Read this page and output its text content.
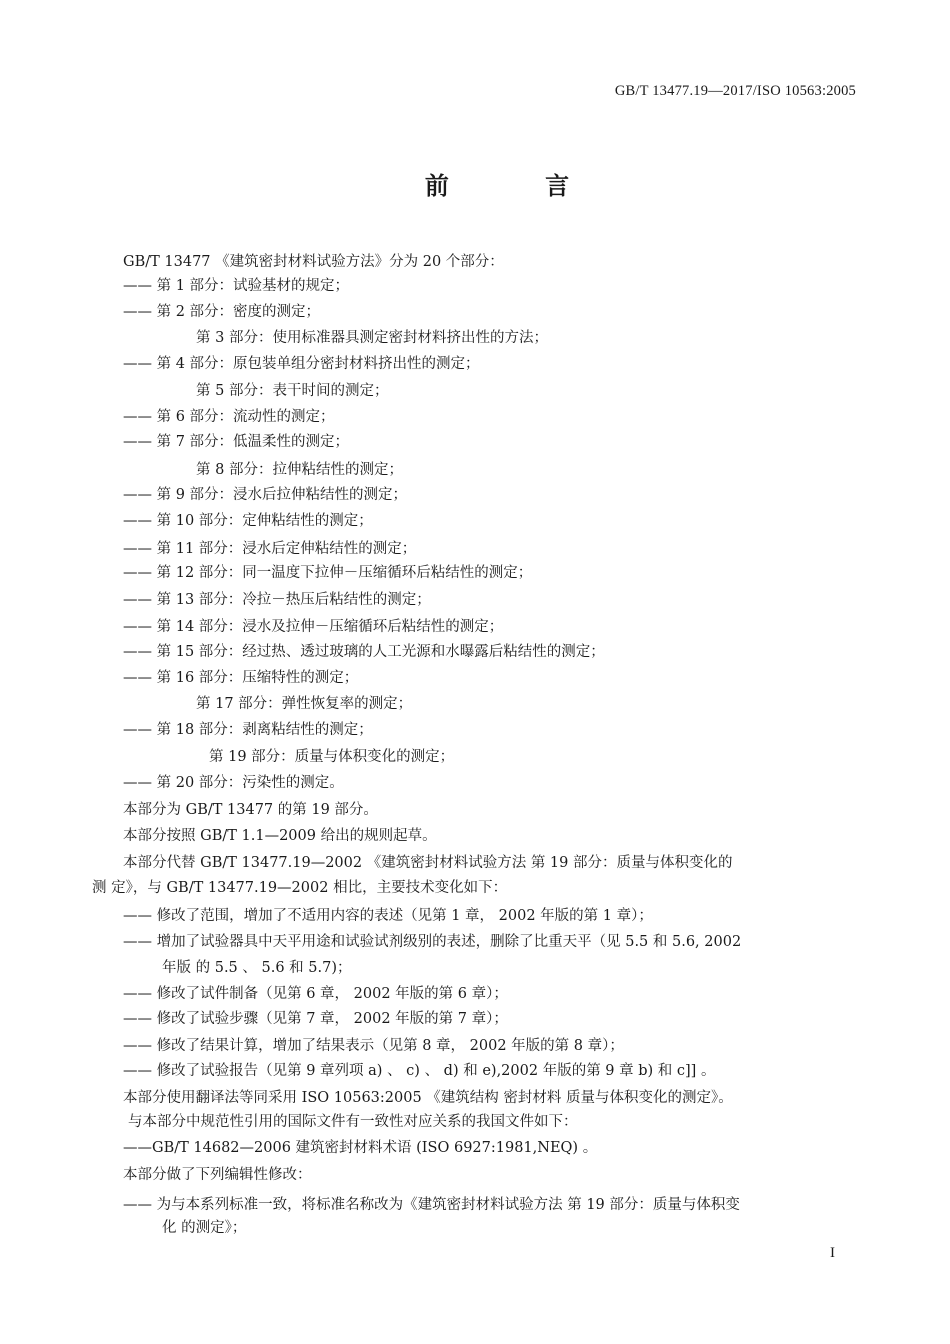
GB/T 13477.19—2017/ISO 10563:2005
前 言
GB/T 13477 《建筑密封材料试验方法》分为 20 个部分：
—— 第 1 部分：试验基材的规定；
—— 第 2 部分：密度的测定；
第 3 部分：使用标准器具测定密封材料挤出性的方法；
—— 第 4 部分：原包装单组分密封材料挤出性的测定；
第 5 部分：表干时间的测定；
—— 第 6 部分：流动性的测定；
—— 第 7 部分：低温柔性的测定；
第 8 部分：拉伸粘结性的测定；
—— 第 9 部分：浸水后拉伸粘结性的测定；
—— 第 10 部分：定伸粘结性的测定；
—— 第 11 部分：浸水后定伸粘结性的测定；
—— 第 12 部分：同一温度下拉伸－压缩循环后粘结性的测定；
—— 第 13 部分：冷拉－热压后粘结性的测定；
—— 第 14 部分：浸水及拉伸－压缩循环后粘结性的测定；
—— 第 15 部分：经过热、透过玻璃的人工光源和水曝露后粘结性的测定；
—— 第 16 部分：压缩特性的测定；
第 17 部分：弹性恢复率的测定；
—— 第 18 部分：剥离粘结性的测定；
第 19 部分：质量与体积变化的测定；
—— 第 20 部分：污染性的测定。
本部分为 GB/T 13477 的第 19 部分。
本部分按照 GB/T 1.1—2009 给出的规则起草。
本部分代替 GB/T 13477.19—2002 《建筑密封材料试验方法 第 19 部分：质量与体积变化的
测 定》，与 GB/T 13477.19—2002 相比，主要技术变化如下：
—— 修改了范围，增加了不适用内容的表述（见第 1 章， 2002 年版的第 1 章）；
—— 增加了试验器具中天平用途和试验试剂级别的表述，删除了比重天平（见 5.5 和 5.6, 2002
年版 的 5.5 、 5.6 和 5.7)；
—— 修改了试件制备（见第 6 章， 2002 年版的第 6 章）；
—— 修改了试验步骤（见第 7 章， 2002 年版的第 7 章）；
—— 修改了结果计算，增加了结果表示（见第 8 章， 2002 年版的第 8 章）；
—— 修改了试验报告（见第 9 章列项 a) 、 c) 、 d) 和 e),2002 年版的第 9 章 b) 和 c]] 。
本部分使用翻译法等同采用 ISO 10563:2005 《建筑结构 密封材料 质量与体积变化的测定》。
与本部分中规范性引用的国际文件有一致性对应关系的我国文件如下：
——GB/T 14682—2006 建筑密封材料术语 (ISO 6927:1981,NEQ) 。
本部分做了下列编辑性修改：
—— 为与本系列标准一致，将标准名称改为《建筑密封材料试验方法 第 19 部分：质量与体积变
化 的测定》；
I
